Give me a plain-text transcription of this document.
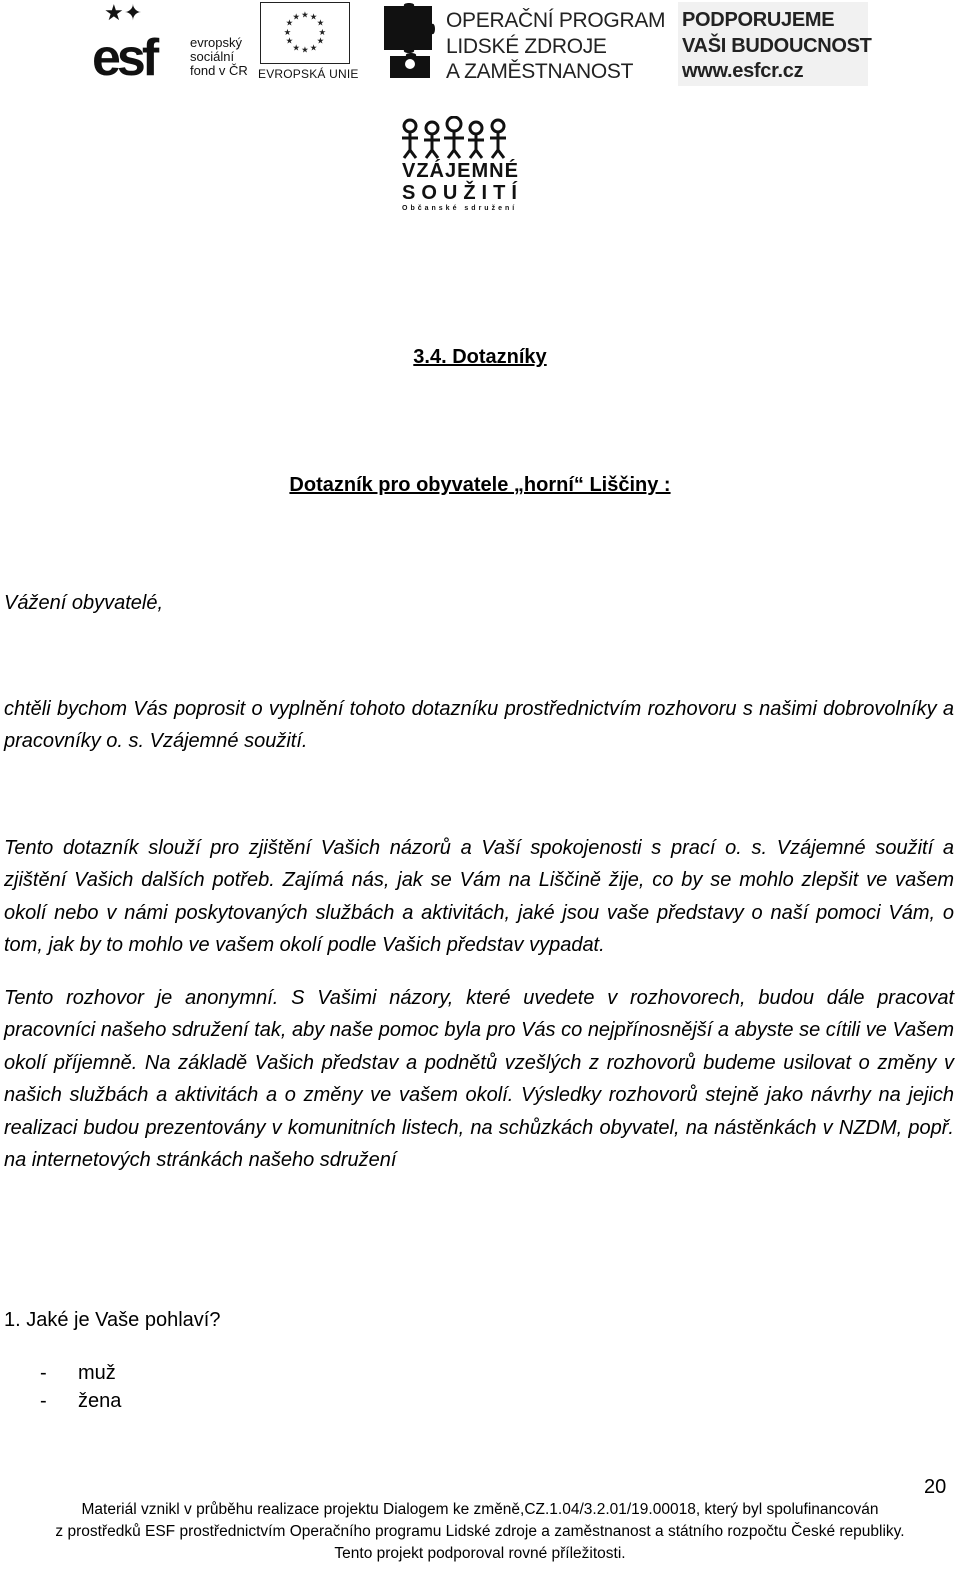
★✦
esf	evropský
sociální
fond v ČR
★ ★
★
★
★
★
★
★
★
★
★
★
EVROPSKÁ UNIE
OPERAČNÍ PROGRAM
LIDSKÉ ZDROJE
A ZAMĚSTNANOST
PODPORUJEME
VAŠI BUDOUCNOST
www.esfcr.cz
VZÁJEMNÉ
SOUŽITÍ
Občanské sdružení
3.4. Dotazníky
Dotazník pro obyvatele „horní“ Liščiny :
Vážení obyvatelé,
chtěli bychom Vás poprosit o vyplnění tohoto dotazníku prostřednictvím rozhovoru s našimi dobrovolníky a pracovníky o. s. Vzájemné soužití.
Tento dotazník slouží pro zjištění Vašich názorů a Vaší spokojenosti s prací o. s. Vzájemné soužití a zjištění Vašich dalších potřeb. Zajímá nás, jak se Vám na Liščině žije, co by se mohlo zlepšit ve vašem okolí nebo v námi poskytovaných službách a aktivitách, jaké jsou vaše představy o naší pomoci Vám, o tom, jak by to mohlo ve vašem okolí podle Vašich představ vypadat.
Tento rozhovor je anonymní. S Vašimi názory, které uvedete v rozhovorech, budou dále pracovat pracovníci našeho sdružení tak, aby naše pomoc byla pro Vás co nejpřínosnější a abyste se cítili ve Vašem okolí příjemně. Na základě Vašich představ a podnětů vzešlých z rozhovorů budeme usilovat o změny v našich službách a aktivitách a o změny ve vašem okolí. Výsledky rozhovorů stejně jako návrhy na jejich realizaci budou prezentovány v komunitních listech, na schůzkách obyvatel, na nástěnkách v NZDM, popř. na internetových stránkách našeho sdružení
1. Jaké je Vaše pohlaví?
- muž
- žena
20
Materiál vznikl v průběhu realizace projektu Dialogem ke změně,CZ.1.04/3.2.01/19.00018, který byl spolufinancován
z prostředků ESF prostřednictvím Operačního programu Lidské zdroje a zaměstnanost a státního rozpočtu České republiky.
Tento projekt podporoval rovné příležitosti.
